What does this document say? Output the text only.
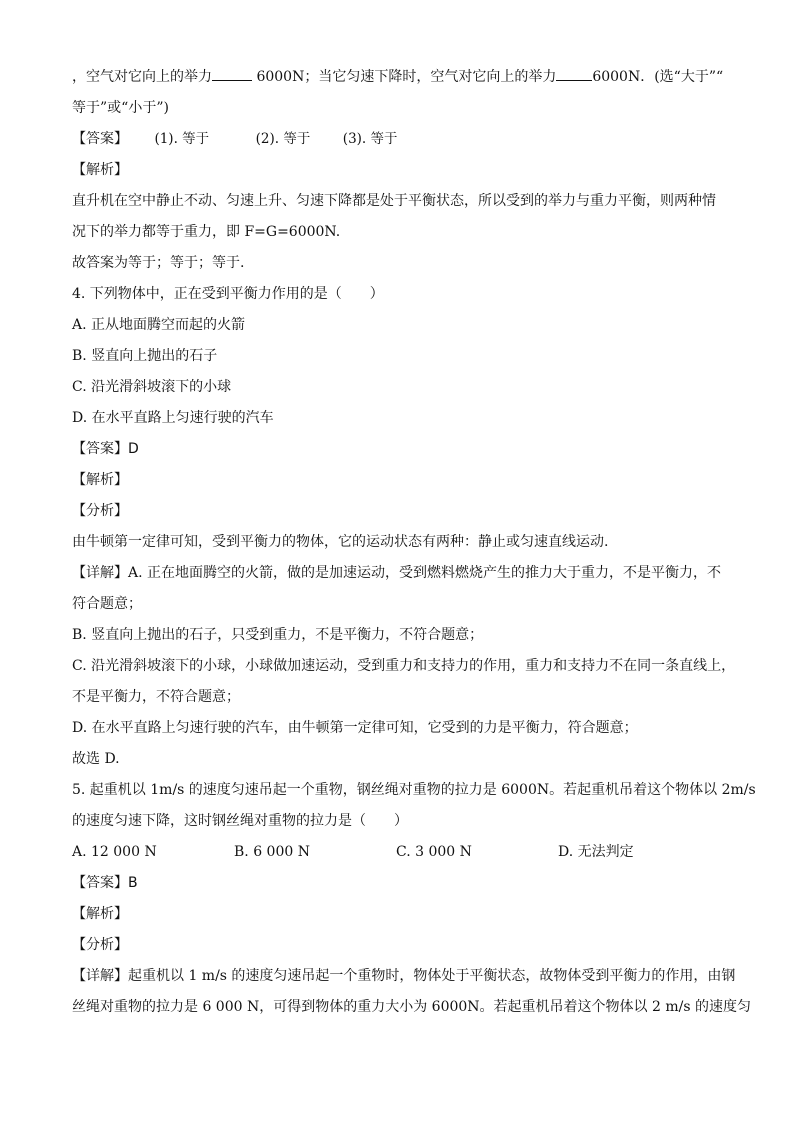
，空气对它向上的举力	6000N；当它匀速下降时，空气对它向上的举力	6000N．(选“大于”“
等于”或“小于”)
【答案】 (1). 等于	(2). 等于 (3). 等于
【解析】
直升机在空中静止不动、匀速上升、匀速下降都是处于平衡状态，所以受到的举力与重力平衡，则两种情
况下的举力都等于重力，即 F=G=6000N.
故答案为等于；等于；等于.
4. 下列物体中，正在受到平衡力作用的是（　　）
A. 正从地面腾空而起的火箭
B. 竖直向上抛出的石子
C. 沿光滑斜坡滚下的小球
D. 在水平直路上匀速行驶的汽车
【答案】D
【解析】
【分析】
由牛顿第一定律可知，受到平衡力的物体，它的运动状态有两种：静止或匀速直线运动.
【详解】A. 正在地面腾空的火箭，做的是加速运动，受到燃料燃烧产生的推力大于重力，不是平衡力，不
符合题意；
B. 竖直向上抛出的石子，只受到重力，不是平衡力，不符合题意；
C. 沿光滑斜坡滚下的小球，小球做加速运动，受到重力和支持力的作用，重力和支持力不在同一条直线上，
不是平衡力，不符合题意；
D. 在水平直路上匀速行驶的汽车，由牛顿第一定律可知，它受到的力是平衡力，符合题意；
故选 D.
5. 起重机以 1m/s 的速度匀速吊起一个重物，钢丝绳对重物的拉力是 6000N。若起重机吊着这个物体以 2m/s
的速度匀速下降，这时钢丝绳对重物的拉力是（　　）
A. 12 000 N	B. 6 000 N	C. 3 000 N	D. 无法判定
【答案】B
【解析】
【分析】
【详解】起重机以 1 m/s 的速度匀速吊起一个重物时，物体处于平衡状态，故物体受到平衡力的作用，由钢
丝绳对重物的拉力是 6 000 N，可得到物体的重力大小为 6000N。若起重机吊着这个物体以 2 m/s 的速度匀
